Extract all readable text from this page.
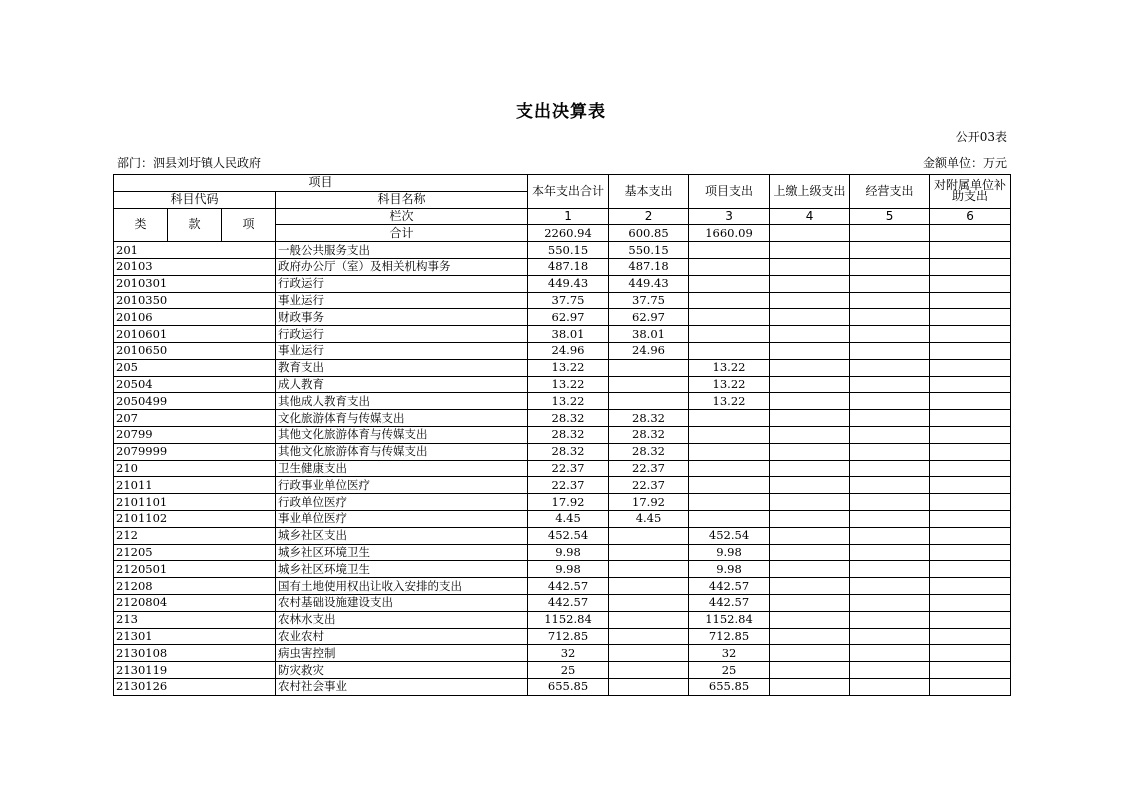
支出决算表
公开03表
部门：泗县刘圩镇人民政府	金额单位：万元
项目				本年支出合计	基本支出	项目支出	上缴上级支出	经营支出	对附属单位补助支出
科目代码			科目名称						
类	款	项	栏次	1	2	3	4	5	6
			合计	2260.94	600.85	1660.09			
201			一般公共服务支出	550.15	550.15				
20103			政府办公厅（室）及相关机构事务	487.18	487.18				
2010301			行政运行	449.43	449.43				
2010350			事业运行	37.75	37.75				
20106			财政事务	62.97	62.97				
2010601			行政运行	38.01	38.01				
2010650			事业运行	24.96	24.96				
205			教育支出	13.22		13.22			
20504			成人教育	13.22		13.22			
2050499			其他成人教育支出	13.22		13.22			
207			文化旅游体育与传媒支出	28.32	28.32				
20799			其他文化旅游体育与传媒支出	28.32	28.32				
2079999			其他文化旅游体育与传媒支出	28.32	28.32				
210			卫生健康支出	22.37	22.37				
21011			行政事业单位医疗	22.37	22.37				
2101101			行政单位医疗	17.92	17.92				
2101102			事业单位医疗	4.45	4.45				
212			城乡社区支出	452.54		452.54			
21205			城乡社区环境卫生	9.98		9.98			
2120501			城乡社区环境卫生	9.98		9.98			
21208			国有土地使用权出让收入安排的支出	442.57		442.57			
2120804			农村基础设施建设支出	442.57		442.57			
213			农林水支出	1152.84		1152.84			
21301			农业农村	712.85		712.85			
2130108			病虫害控制	32		32			
2130119			防灾救灾	25		25			
2130126			农村社会事业	655.85		655.85			
